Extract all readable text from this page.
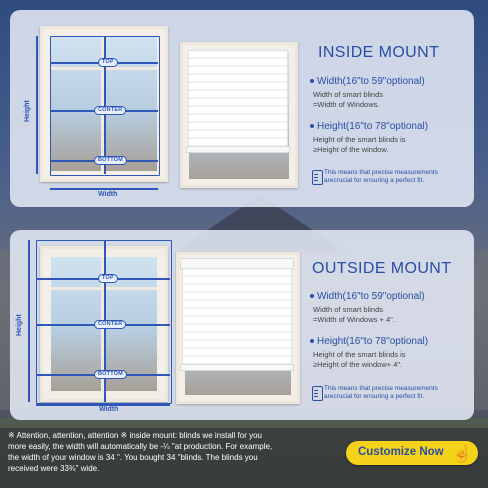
TOP
CONTER
BOTTOM
Height
Width
INSIDE MOUNT
Width(16"to 59"optional)
Width of smart blinds
=Width of Windows.
Height(16"to 78"optional)
Height of the smart blinds is
≥Height of the window.
This means that precise measurements
arecrucial for ensuring a perfect fit.
TOP
CONTER
BOTTOM
Height
Width
OUTSIDE MOUNT
Width(16"to 59"optional)
Width of smart blinds
=Width of Windows + 4".
Height(16"to 78"optional)
Height of the smart blinds is
≥Height of the window+ 4".
This means that precise measurements
arecrucial for ensuring a perfect fit.
※ Attention, attention, attention ※ inside mount: blinds we install for you
more easily, the width will automatically be -¼ "at production. For example,
the width of your window is 34 ". You bought 34 "blinds. The blinds you
received were 33¾" wide.
Customize Now ☝
